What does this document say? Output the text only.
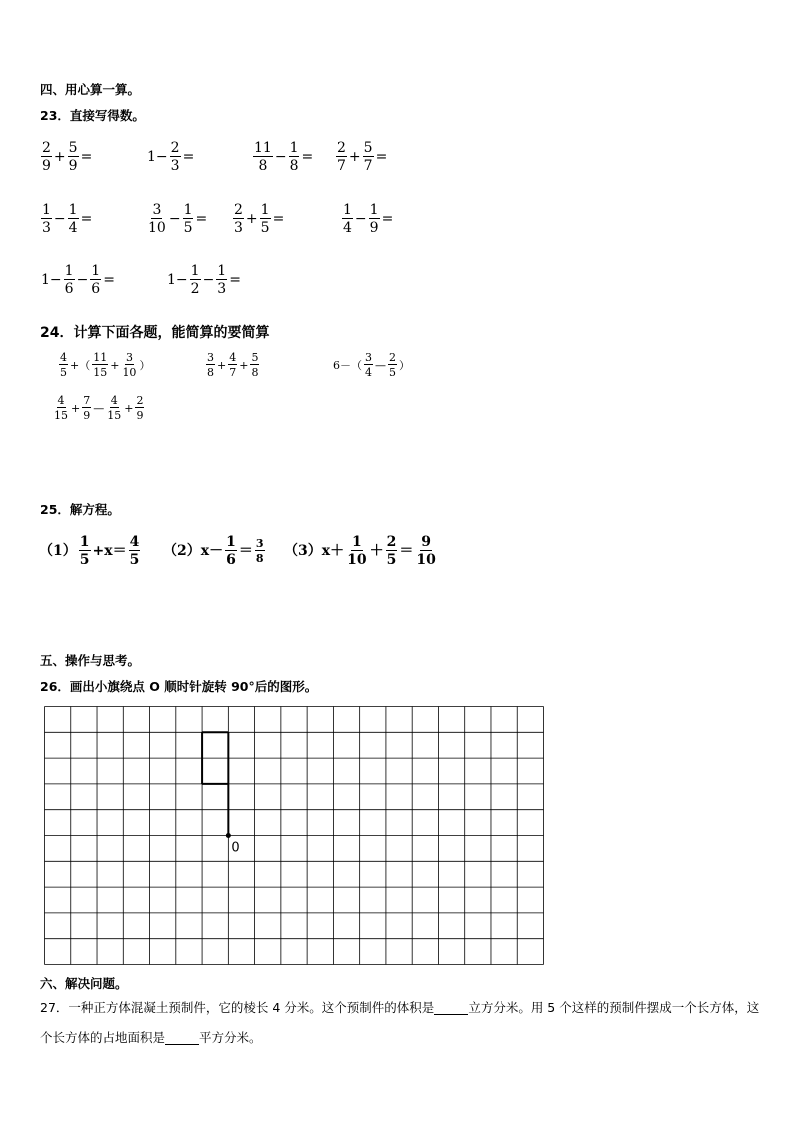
四、用心算一算。
23．直接写得数。
$\frac{2}{9} + \frac{5}{9}$ =	$1- \frac{2}{3}$ =	$\frac{11}{8} - \frac{1}{8} = \frac{2}{7} + \frac{5}{7}$ =
$\frac{1}{3} - \frac{1}{4}$ =	$\frac{3}{10} - \frac{1}{5} = \frac{2}{3} + \frac{1}{5}$ =	$\frac{1}{4} - \frac{1}{9}$ =
$1- \frac{1}{6} - \frac{1}{6}$ =	$1- \frac{1}{2} - \frac{1}{3}$ =
24．计算下面各题，能简算的要简算
$\frac{4}{5}$ +（ $\frac{11}{15} + \frac{3}{10}$ ）	$\frac{3}{8} + \frac{4}{7} + \frac{5}{8}$	$6-( \frac{3}{4}$ — $\frac{2}{5}$ ）
$\frac{4}{15} + \frac{7}{9}$ — $\frac{4}{15} + \frac{2}{9}$
25．解方程。
$(1) \frac{1}{5} +x= \frac{4}{5} (2)x- \frac{1}{6} = \frac{3}{8} (3)x+ \frac{1}{10} + \frac{2}{5} = \frac{9}{10}$
五、操作与思考。
26．画出小旗绕点 O 顺时针旋转 90°后的图形。
0
六、解决问题。
27．一种正方体混凝土预制件，它的棱长 4 分米。这个预制件的体积是	立方分米。用 5 个这样的预制件摆成一个长方体，这个长方体的占地面积是	平方分米。
